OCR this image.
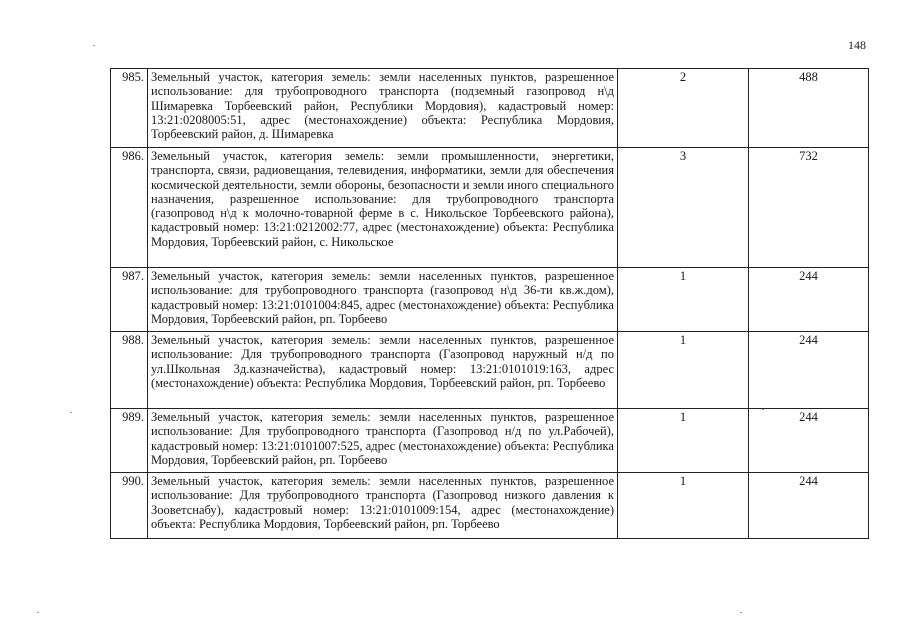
148
985.	Земельный участок, категория земель: земли населенных пунктов, разрешенное использование: для трубопроводного транспорта (подземный газопровод н\д Шимаревка Торбеевский район, Республики Мордовия), кадастровый номер: 13:21:0208005:51, адрес (местонахождение) объекта: Республика Мордовия, Торбеевский район, д. Шимаревка	2	488
986.	Земельный участок, категория земель: земли промышленности, энергетики, транспорта, связи, радиовещания, телевидения, информатики, земли для обеспечения космической деятельности, земли обороны, безопасности и земли иного специального назначения, разрешенное использование: для трубопроводного транспорта (газопровод н\д к молочно-товарной ферме в с. Никольское Торбеевского района), кадастровый номер: 13:21:0212002:77, адрес (местонахождение) объекта: Республика Мордовия, Торбеевский район, с. Никольское	3	732
987.	Земельный участок, категория земель: земли населенных пунктов, разрешенное использование: для трубопроводного транспорта (газопровод н\д 36-ти кв.ж.дом), кадастровый номер: 13:21:0101004:845, адрес (местонахождение) объекта: Республика Мордовия, Торбеевский район, рп. Торбеево	1	244
988.	Земельный участок, категория земель: земли населенных пунктов, разрешенное использование: Для трубопроводного транспорта (Газопровод наружный н/д по ул.Школьная 3д.казначейства), кадастровый номер: 13:21:0101019:163, адрес (местонахождение) объекта: Республика Мордовия, Торбеевский район, рп. Торбеево	1	244
989.	Земельный участок, категория земель: земли населенных пунктов, разрешенное использование: Для трубопроводного транспорта (Газопровод н/д по ул.Рабочей), кадастровый номер: 13:21:0101007:525, адрес (местонахождение) объекта: Республика Мордовия, Торбеевский район, рп. Торбеево	1	244
990.	Земельный участок, категория земель: земли населенных пунктов, разрешенное использование: Для трубопроводного транспорта (Газопровод низкого давления к Зооветснабу), кадастровый номер: 13:21:0101009:154, адрес (местонахождение) объекта: Республика Мордовия, Торбеевский район, рп. Торбеево	1	244
